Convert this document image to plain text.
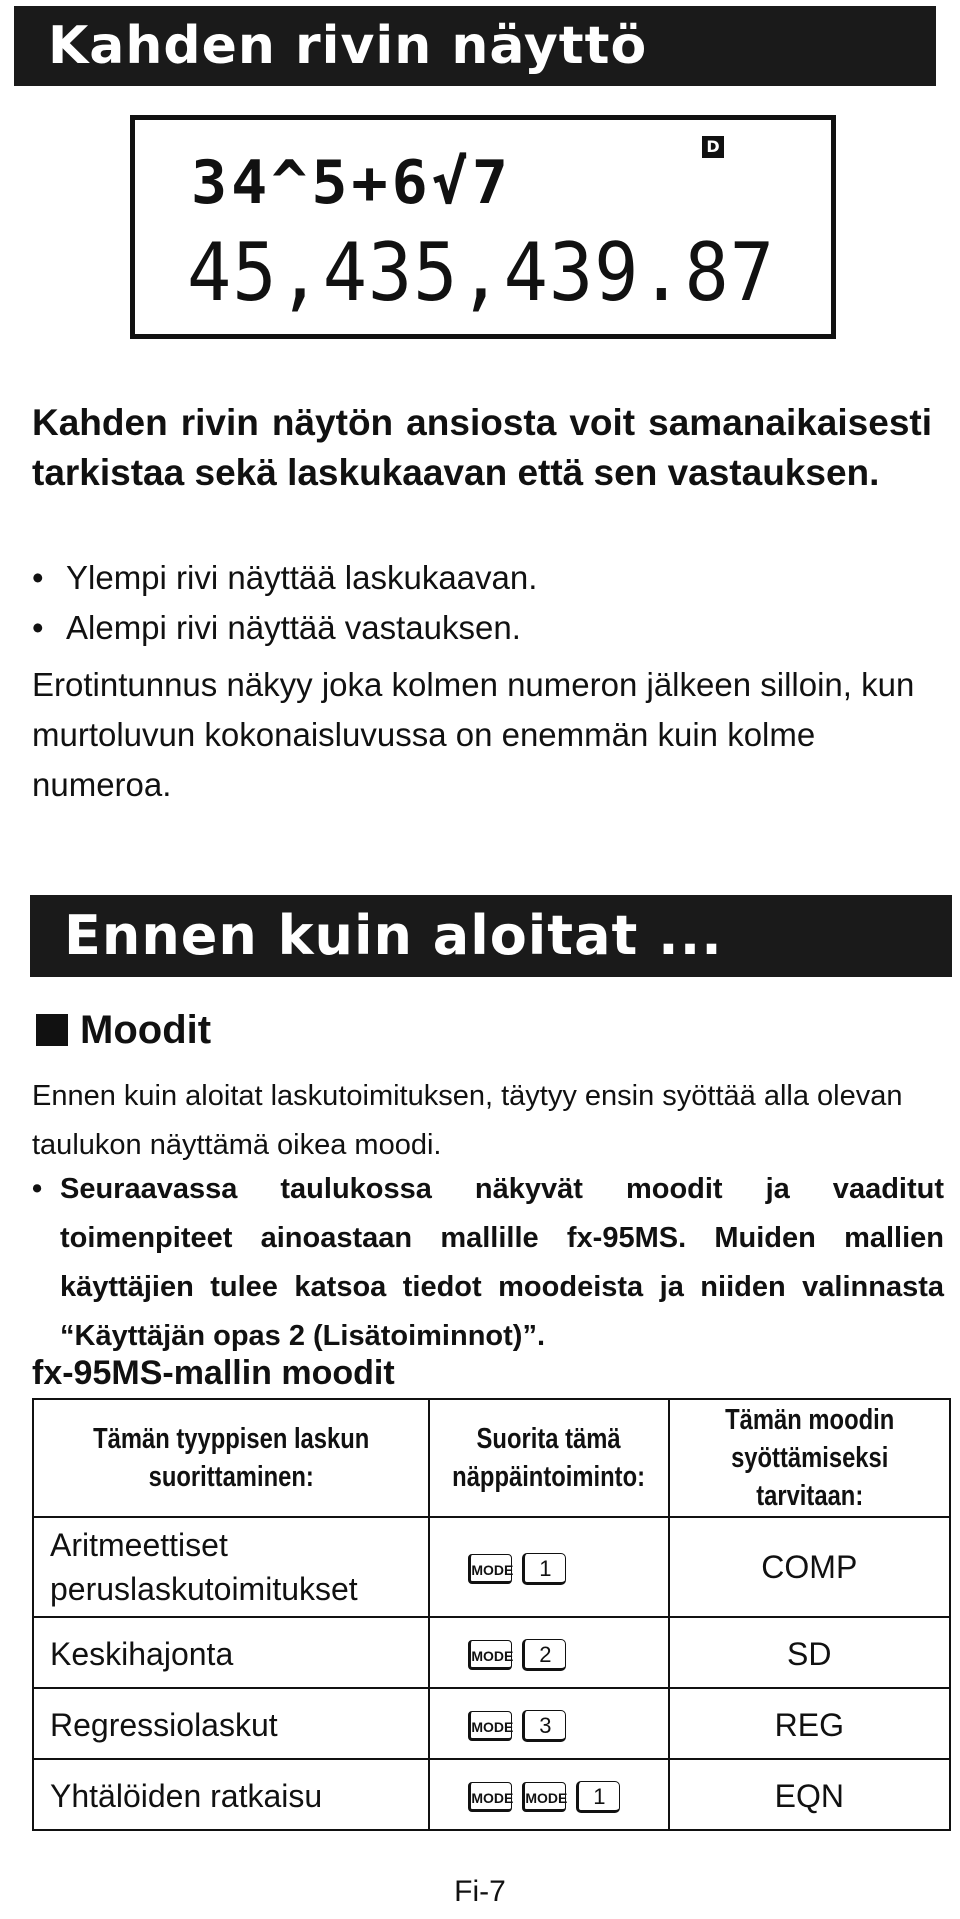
Kahden rivin näyttö
D
34^5+6√7
45,435,439.87
Kahden rivin näytön ansiosta voit samanaikaisesti tarkistaa sekä laskukaavan että sen vastauksen.
• Ylempi rivi näyttää laskukaavan.
• Alempi rivi näyttää vastauksen.
Erotintunnus näkyy joka kolmen numeron jälkeen silloin, kun murtoluvun kokonaisluvussa on enemmän kuin kolme numeroa.
Ennen kuin aloitat ...
Moodit
Ennen kuin aloitat laskutoimituksen, täytyy ensin syöttää alla olevan taulukon näyttämä oikea moodi.
• Seuraavassa taulukossa näkyvät moodit ja vaaditut toimenpiteet ainoastaan mallille fx-95MS. Muiden mallien käyttäjien tulee katsoa tiedot moodeista ja niiden valinnasta “Käyttäjän opas 2 (Lisätoiminnot)”.
fx-95MS-mallin moodit
Tämän tyyppisen laskun suorittaminen:	Suorita tämä näppäintoiminto:	Tämän moodin syöttämiseksi tarvitaan:
Aritmeettiset peruslaskutoimitukset	MODE 1	COMP
Keskihajonta	MODE 2	SD
Regressiolaskut	MODE 3	REG
Yhtälöiden ratkaisu	MODE MODE 1	EQN
Fi-7
